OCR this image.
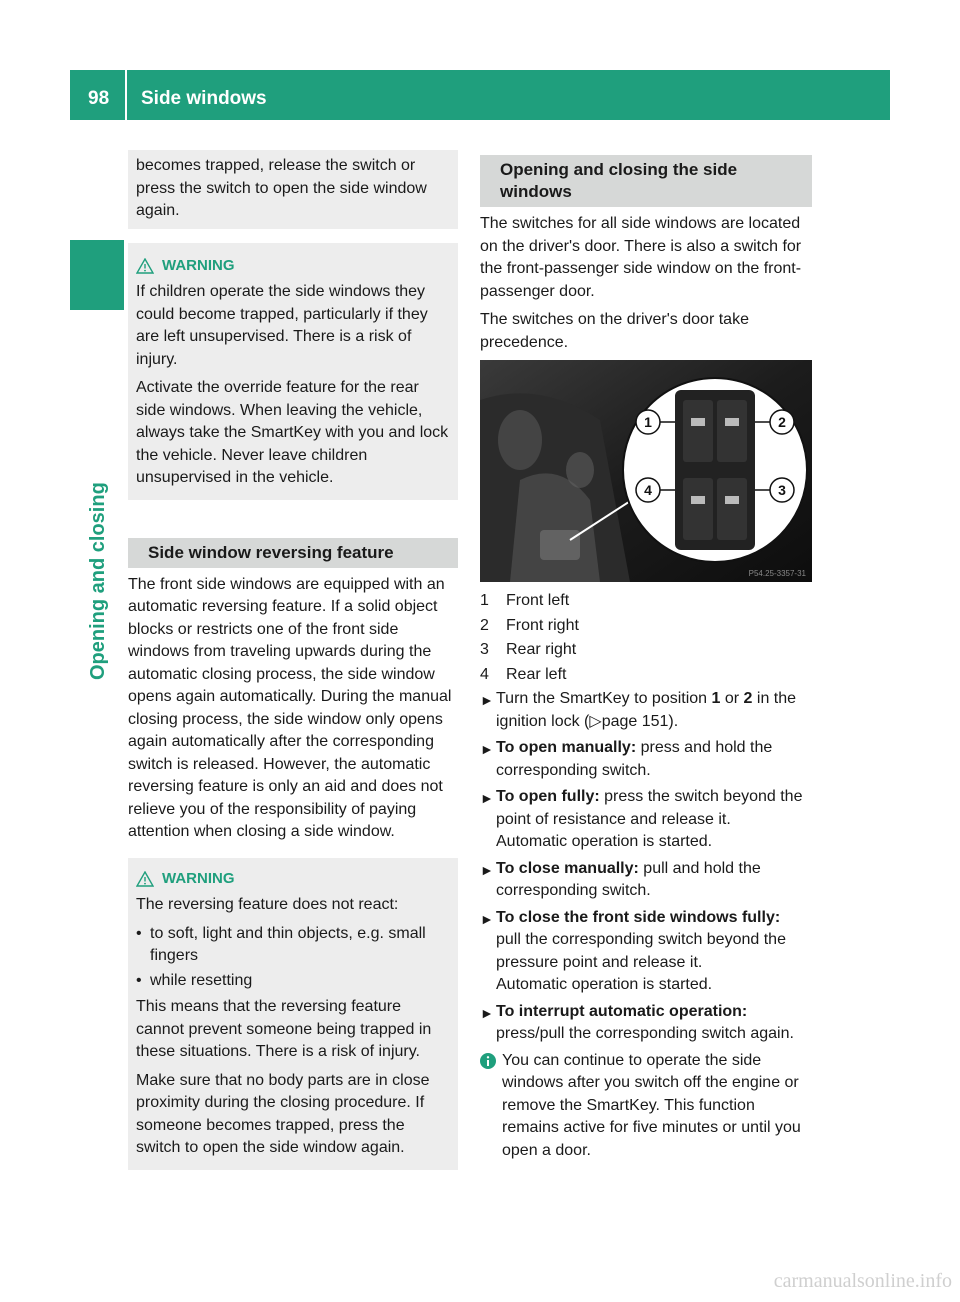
98 Side windows
Opening and closing

becomes trapped, release the switch or press the switch to open the side window again.

WARNING

If children operate the side windows they could become trapped, particularly if they are left unsupervised. There is a risk of injury.

Activate the override feature for the rear side windows. When leaving the vehicle, always take the SmartKey with you and lock the vehicle. Never leave children unsupervised in the vehicle.

Side window reversing feature

The front side windows are equipped with an automatic reversing feature. If a solid object blocks or restricts one of the front side windows from traveling upwards during the automatic closing process, the side window opens again automatically. During the manual closing process, the side window only opens again automatically after the corresponding switch is released. However, the automatic reversing feature is only an aid and does not relieve you of the responsibility of paying attention when closing a side window.

WARNING

The reversing feature does not react:

• to soft, light and thin objects, e.g. small fingers
• while resetting

This means that the reversing feature cannot prevent someone being trapped in these situations. There is a risk of injury.

Make sure that no body parts are in close proximity during the closing procedure. If someone becomes trapped, press the switch to open the side window again.

Opening and closing the side windows

The switches for all side windows are located on the driver's door. There is also a switch for the front-passenger side window on the front-passenger door.

The switches on the driver's door take precedence.

1	2
3
4
P54.25-3357-31
1	Front left
2	Front right
3	Rear right
4	Rear left
► Turn the SmartKey to position 1 or 2 in the ignition lock (▷page 151).
► To open manually: press and hold the corresponding switch.
► To open fully: press the switch beyond the point of resistance and release it.
Automatic operation is started.
► To close manually: pull and hold the corresponding switch.
► To close the front side windows fully:
pull the corresponding switch beyond the pressure point and release it.
Automatic operation is started.
► To interrupt automatic operation:
press/pull the corresponding switch again.
You can continue to operate the side windows after you switch off the engine or remove the SmartKey. This function remains active for five minutes or until you open a door.
carmanualsonline.info
